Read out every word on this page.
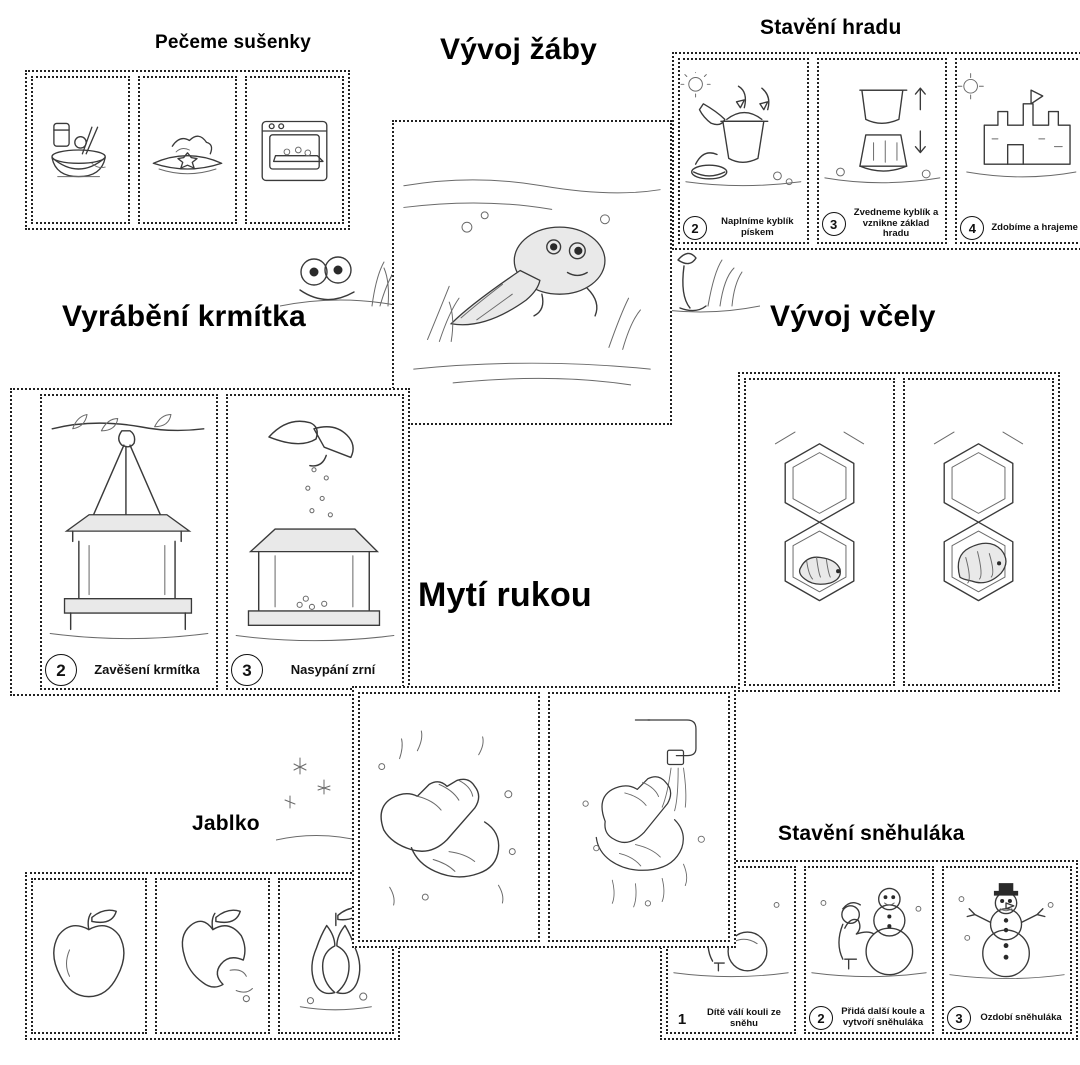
Pečeme sušenky	Vývoj žáby
Stavění hradu
2	Naplníme kyblík pískem
3
Zvedneme kyblík a vznikne základ hradu	4	Zdobíme a hrajeme
Vyrábění krmítka
2	Zavěšení krmítka	3	Nasypání zrní
Vývoj včely
Mytí rukou
Jablko	Stavění sněhuláka
1	Dítě válí kouli ze sněhu	2	Přidá další koule a vytvoří sněhuláka	3	Ozdobí sněhuláka
